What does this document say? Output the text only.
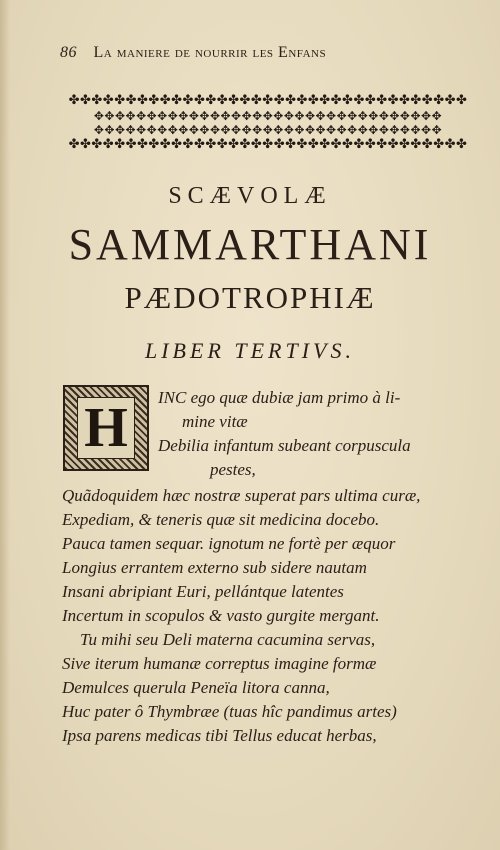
86 La maniere de nourrir les Enfans
✤✤✤✤✤✤✤✤✤✤✤✤✤✤✤✤✤✤✤✤✤✤✤✤✤✤✤✤✤✤✤✤✤✤✤
✥✥✥✥✥✥✥✥✥✥✥✥✥✥✥✥✥✥✥✥✥✥✥✥✥✥✥✥✥✥✥✥✥
✥✥✥✥✥✥✥✥✥✥✥✥✥✥✥✥✥✥✥✥✥✥✥✥✥✥✥✥✥✥✥✥✥
✤✤✤✤✤✤✤✤✤✤✤✤✤✤✤✤✤✤✤✤✤✤✤✤✤✤✤✤✤✤✤✤✤✤✤
SCÆVOLÆ
SAMMARTHANI
PÆDOTROPHIÆ
LIBER TERTIVS.
H	INC ego quæ dubiæ jam primo à li-
mine vitæ
Debilia infantum subeant corpuscula
pestes,
Quãdoquidem hæc nostræ superat pars ultima curæ,
Expediam, & teneris quæ sit medicina docebo.
Pauca tamen sequar. ignotum ne fortè per æquor
Longius errantem externo sub sidere nautam
Insani abripiant Euri, pellántque latentes
Incertum in scopulos & vasto gurgite mergant.
Tu mihi seu Deli materna cacumina servas,
Sive iterum humanæ correptus imagine formæ
Demulces querula Peneïa litora canna,
Huc pater ô Thymbræe (tuas hîc pandimus artes)
Ipsa parens medicas tibi Tellus educat herbas,
